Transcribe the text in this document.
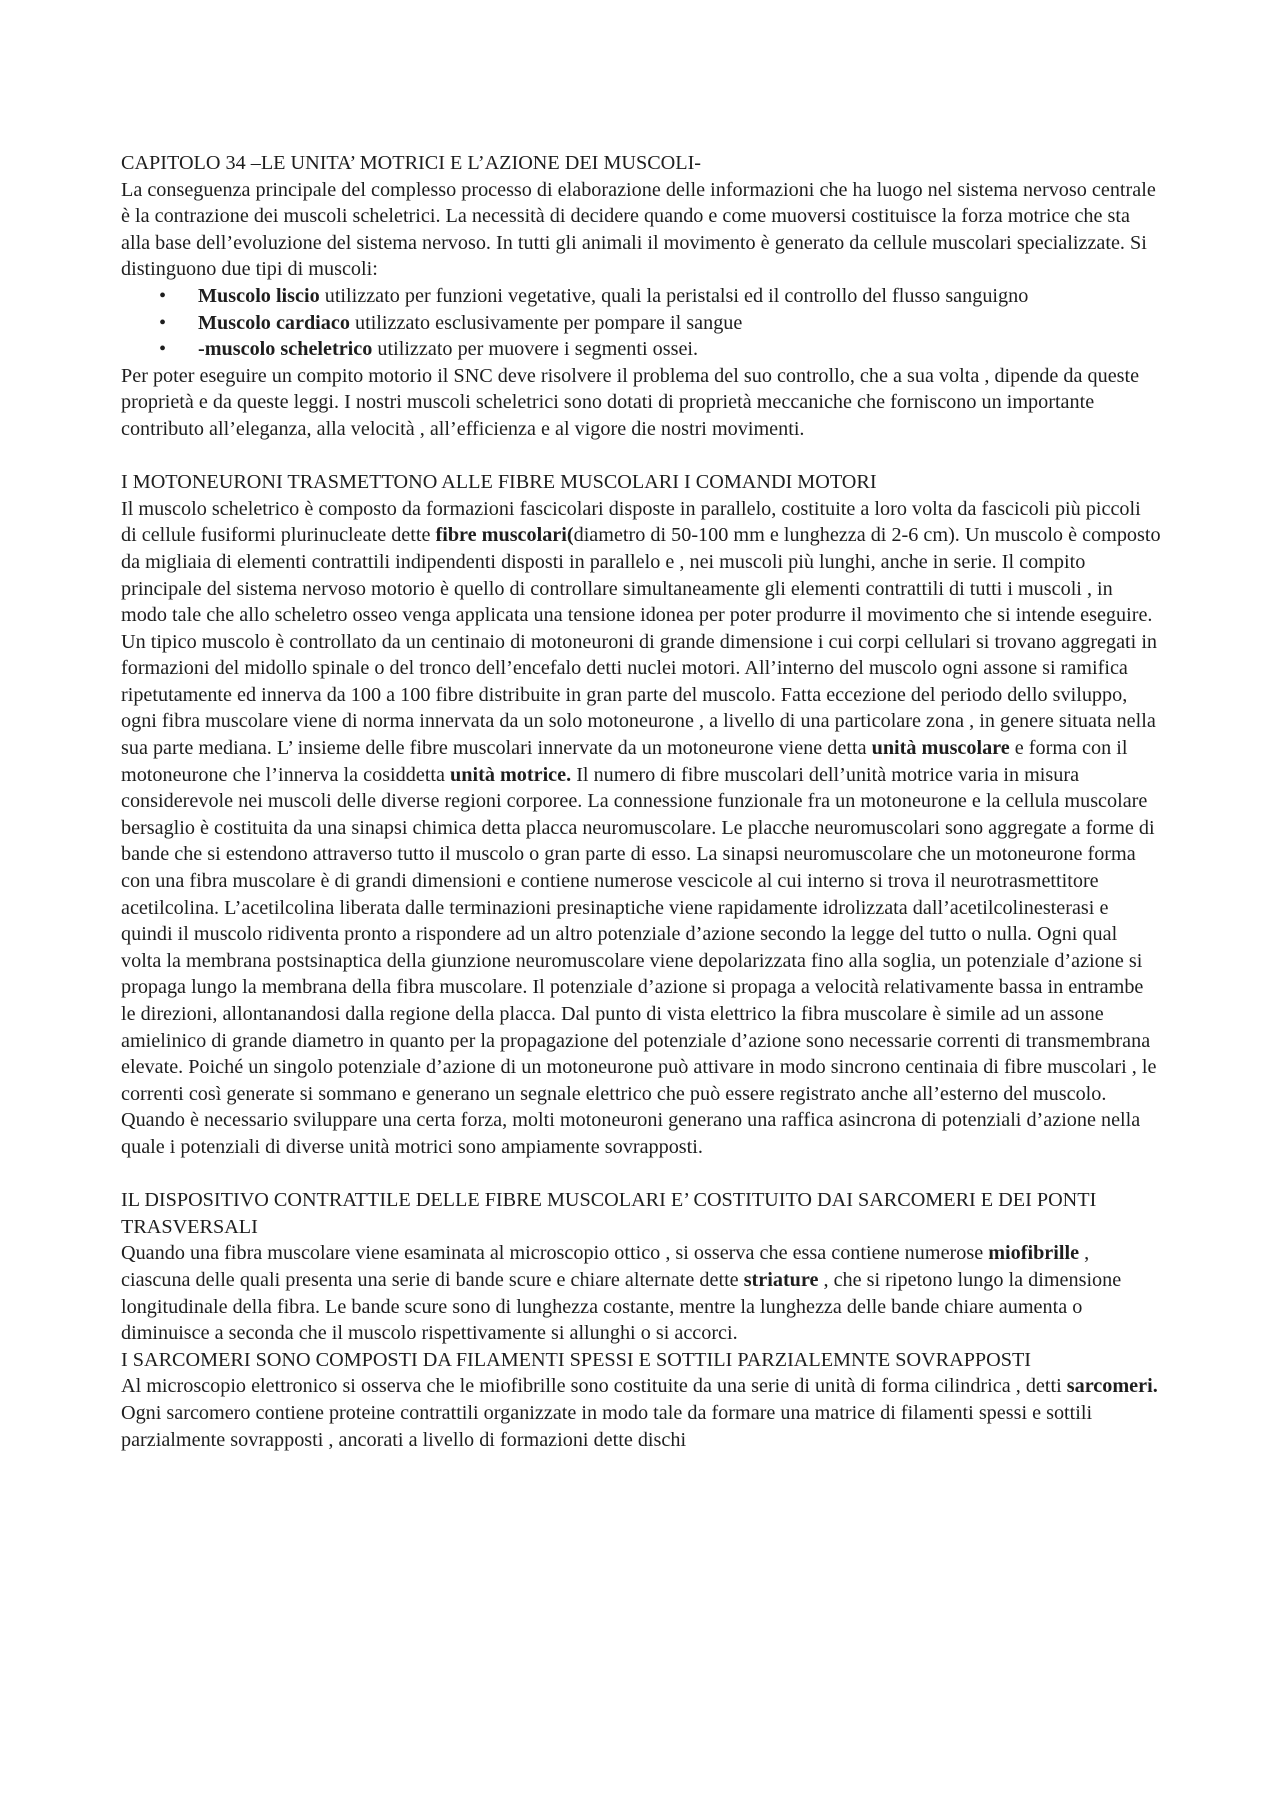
CAPITOLO 34 –LE UNITA’ MOTRICI E L’AZIONE DEI MUSCOLI-

La conseguenza principale del complesso processo di elaborazione delle informazioni che ha luogo nel sistema nervoso centrale è la contrazione dei muscoli scheletrici. La necessità di decidere quando e come muoversi costituisce la forza motrice che sta alla base dell’evoluzione del sistema nervoso. In tutti gli animali il movimento è generato da cellule muscolari specializzate. Si distinguono due tipi di muscoli:

• Muscolo liscio utilizzato per funzioni vegetative, quali la peristalsi ed il controllo del flusso sanguigno
• Muscolo cardiaco utilizzato esclusivamente per pompare il sangue
• -muscolo scheletrico utilizzato per muovere i segmenti ossei.

Per poter eseguire un compito motorio il SNC deve risolvere il problema del suo controllo, che a sua volta , dipende da queste proprietà e da queste leggi. I nostri muscoli scheletrici sono dotati di proprietà meccaniche che forniscono un importante contributo all’eleganza, alla velocità , all’efficienza e al vigore die nostri movimenti.

I MOTONEURONI TRASMETTONO ALLE FIBRE MUSCOLARI I COMANDI MOTORI

Il muscolo scheletrico è composto da formazioni fascicolari disposte in parallelo, costituite a loro volta da fascicoli più piccoli di cellule fusiformi plurinucleate dette fibre muscolari(diametro di 50-100 mm e lunghezza di 2-6 cm). Un muscolo è composto da migliaia di elementi contrattili indipendenti disposti in parallelo e , nei muscoli più lunghi, anche in serie. Il compito principale del sistema nervoso motorio è quello di controllare simultaneamente gli elementi contrattili di tutti i muscoli , in modo tale che allo scheletro osseo venga applicata una tensione idonea per poter produrre il movimento che si intende eseguire. Un tipico muscolo è controllato da un centinaio di motoneuroni di grande dimensione i cui corpi cellulari si trovano aggregati in formazioni del midollo spinale o del tronco dell’encefalo detti nuclei motori. All’interno del muscolo ogni assone si ramifica ripetutamente ed innerva da 100 a 100 fibre distribuite in gran parte del muscolo. Fatta eccezione del periodo dello sviluppo, ogni fibra muscolare viene di norma innervata da un solo motoneurone , a livello di una particolare zona , in genere situata nella sua parte mediana. L’ insieme delle fibre muscolari innervate da un motoneurone viene detta unità muscolare e forma con il motoneurone che l’innerva la cosiddetta unità motrice. Il numero di fibre muscolari dell’unità motrice varia in misura considerevole nei muscoli delle diverse regioni corporee. La connessione funzionale fra un motoneurone e la cellula muscolare bersaglio è costituita da una sinapsi chimica detta placca neuromuscolare. Le placche neuromuscolari sono aggregate a forme di bande che si estendono attraverso tutto il muscolo o gran parte di esso. La sinapsi neuromuscolare che un motoneurone forma con una fibra muscolare è di grandi dimensioni e contiene numerose vescicole al cui interno si trova il neurotrasmettitore acetilcolina. L’acetilcolina liberata dalle terminazioni presinaptiche viene rapidamente idrolizzata dall’acetilcolinesterasi e quindi il muscolo ridiventa pronto a rispondere ad un altro potenziale d’azione secondo la legge del tutto o nulla. Ogni qual volta la membrana postsinaptica della giunzione neuromuscolare viene depolarizzata fino alla soglia, un potenziale d’azione si propaga lungo la membrana della fibra muscolare. Il potenziale d’azione si propaga a velocità relativamente bassa in entrambe le direzioni, allontanandosi dalla regione della placca. Dal punto di vista elettrico la fibra muscolare è simile ad un assone amielinico di grande diametro in quanto per la propagazione del potenziale d’azione sono necessarie correnti di transmembrana elevate. Poiché un singolo potenziale d’azione di un motoneurone può attivare in modo sincrono centinaia di fibre muscolari , le correnti così generate si sommano e generano un segnale elettrico che può essere registrato anche all’esterno del muscolo. Quando è necessario sviluppare una certa forza, molti motoneuroni generano una raffica asincrona di potenziali d’azione nella quale i potenziali di diverse unità motrici sono ampiamente sovrapposti.

IL DISPOSITIVO CONTRATTILE DELLE FIBRE MUSCOLARI E’ COSTITUITO DAI SARCOMERI E DEI PONTI TRASVERSALI

Quando una fibra muscolare viene esaminata al microscopio ottico , si osserva che essa contiene numerose miofibrille , ciascuna delle quali presenta una serie di bande scure e chiare alternate dette striature , che si ripetono lungo la dimensione longitudinale della fibra. Le bande scure sono di lunghezza costante, mentre la lunghezza delle bande chiare aumenta o diminuisce a seconda che il muscolo rispettivamente si allunghi o si accorci.

I SARCOMERI SONO COMPOSTI DA FILAMENTI SPESSI E SOTTILI PARZIALEMNTE SOVRAPPOSTI

Al microscopio elettronico si osserva che le miofibrille sono costituite da una serie di unità di forma cilindrica , detti sarcomeri. Ogni sarcomero contiene proteine contrattili organizzate in modo tale da formare una matrice di filamenti spessi e sottili parzialmente sovrapposti , ancorati a livello di formazioni dette dischi
